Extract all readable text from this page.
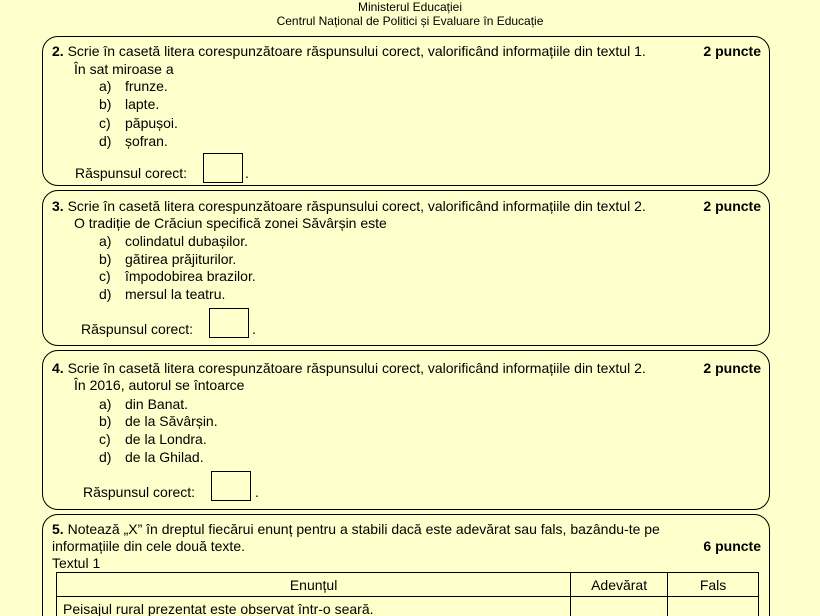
Ministerul Educației
Centrul Național de Politici și Evaluare în Educație
2. Scrie în casetă litera corespunzătoare răspunsului corect, valorificând informațiile din textul 1.	2 puncte
În sat miroase a
a) frunze.
b) lapte.
c) păpușoi.
d) șofran.
Răspunsul corect:	.
3. Scrie în casetă litera corespunzătoare răspunsului corect, valorificând informațiile din textul 2.	2 puncte
O tradiție de Crăciun specifică zonei Săvârșin este
a) colindatul dubașilor.
b) gătirea prăjiturilor.
c) împodobirea brazilor.
d) mersul la teatru.
Răspunsul corect:	.
4. Scrie în casetă litera corespunzătoare răspunsului corect, valorificând informațiile din textul 2.	2 puncte
În 2016, autorul se întoarce
a) din Banat.
b) de la Săvârșin.
c) de la Londra.
d) de la Ghilad.
Răspunsul corect:	.
5. Notează „X” în dreptul fiecărui enunț pentru a stabili dacă este adevărat sau fals, bazându-te pe
informațiile din cele două texte.	6 puncte
Textul 1
Enunțul	Adevărat	Fals
Peisajul rural prezentat este observat într-o seară.		
